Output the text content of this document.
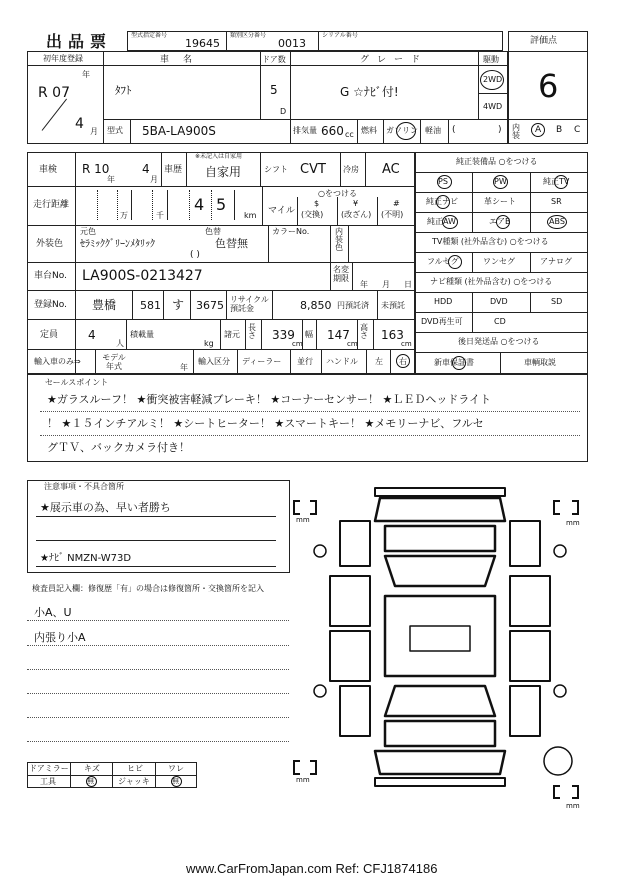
出品票	型式指定番号
19645
類別区分番号
0013
シリアル番号
評価点
6
内装
A B C
初年度登録
年
R 07
4 月
車名
ﾀﾌﾄ
ドア数
5
D
グレード
G ☆ﾅﾋﾞ付!
駆動
2WD
4WD
型式 5BA-LA900S	排気量 660 cc 燃料 ガソリン 軽油 (	)
車検 R 10
年
4
月
車歴
※未記入は自家用
自家用	シフト CVT 冷房 AC
走行距離
万	千
4 5
km
○をつける
マイル
$
(交換)
¥
(改ざん)
#
(不明)
外装色
元色
ｾﾗﾐｯｸｸﾞﾘｰﾝﾒﾀﾘｯｸ
色替
色替無
( )
カラーNo.	内装色
車台No. LA900S-0213427	名変期限
年 月 日
登録No. 豊橋 581 す 3675 リサイクル預託金	8,850 円預託済 未預託
定員 4
人
積載量
kg
諸元
長さ 339
cm
幅 147
cm
高さ 163
cm
輸入車のみ⇒	モデル年式	年
輸入区分 ディーラー 並行 ハンドル 左 右
純正装備品 ○をつける
PS	PW	純正TV
純正ナビ	革シート	SR
純正AW	エアB	ABS
TV種類 (社外品含む) ○をつける
フルセグ	ワンセグ	アナログ
ナビ種類 (社外品含む) ○をつける
HDD	DVD	SD
DVD再生可	CD
後日発送品 ○をつける
新車保証書	車輌取説
セールスポイント
★ガラスルーフ！ ★衝突被害軽減ブレーキ！ ★コーナーセンサー！ ★ＬＥＤヘッドライト
！ ★１５インチアルミ！ ★シートヒーター！ ★スマートキー！ ★メモリーナビ、フルセ
グＴＶ、バックカメラ付き！
注意事項・不具合箇所
★展示車の為、早い者勝ち
★ﾅﾋﾞ NMZN-W73D
検査員記入欄：修復歴「有」の場合は修復箇所・交換箇所を記入
小A、U
内張り小A
ドアミラー キズ	ヒビ	ワレ
工具	無	ジャッキ	無
mm	mm
mm
mm
www.CarFromJapan.com Ref: CFJ1874186
